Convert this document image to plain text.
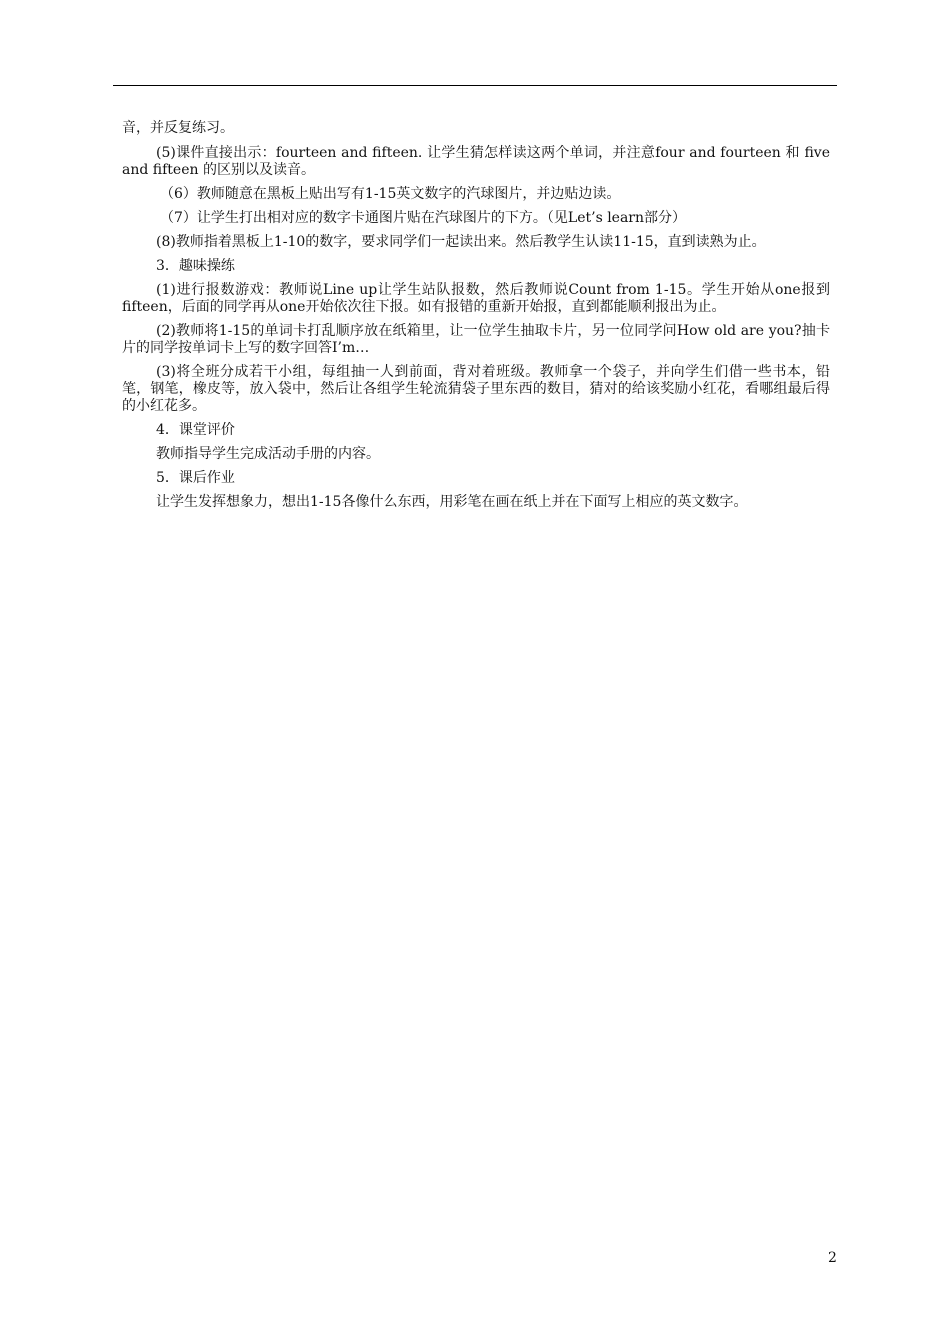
音，并反复练习。

(5)课件直接出示：fourteen and fifteen. 让学生猜怎样读这两个单词，并注意four and fourteen 和 five and fifteen 的区别以及读音。

（6）教师随意在黑板上贴出写有1-15英文数字的汽球图片，并边贴边读。

（7）让学生打出相对应的数字卡通图片贴在汽球图片的下方。（见Let’s learn部分）

(8)教师指着黑板上1-10的数字，要求同学们一起读出来。然后教学生认读11-15，直到读熟为止。

3．趣味操练

(1)进行报数游戏：教师说Line up让学生站队报数，然后教师说Count from 1-15。学生开始从one报到fifteen，后面的同学再从one开始依次往下报。如有报错的重新开始报，直到都能顺利报出为止。

(2)教师将1-15的单词卡打乱顺序放在纸箱里，让一位学生抽取卡片，另一位同学问How old are you?抽卡片的同学按单词卡上写的数字回答I’m…

(3)将全班分成若干小组，每组抽一人到前面，背对着班级。教师拿一个袋子，并向学生们借一些书本，铅笔，钢笔，橡皮等，放入袋中，然后让各组学生轮流猜袋子里东西的数目，猜对的给该奖励小红花，看哪组最后得的小红花多。

4．课堂评价

教师指导学生完成活动手册的内容。

5．课后作业

让学生发挥想象力，想出1-15各像什么东西，用彩笔在画在纸上并在下面写上相应的英文数字。

2
